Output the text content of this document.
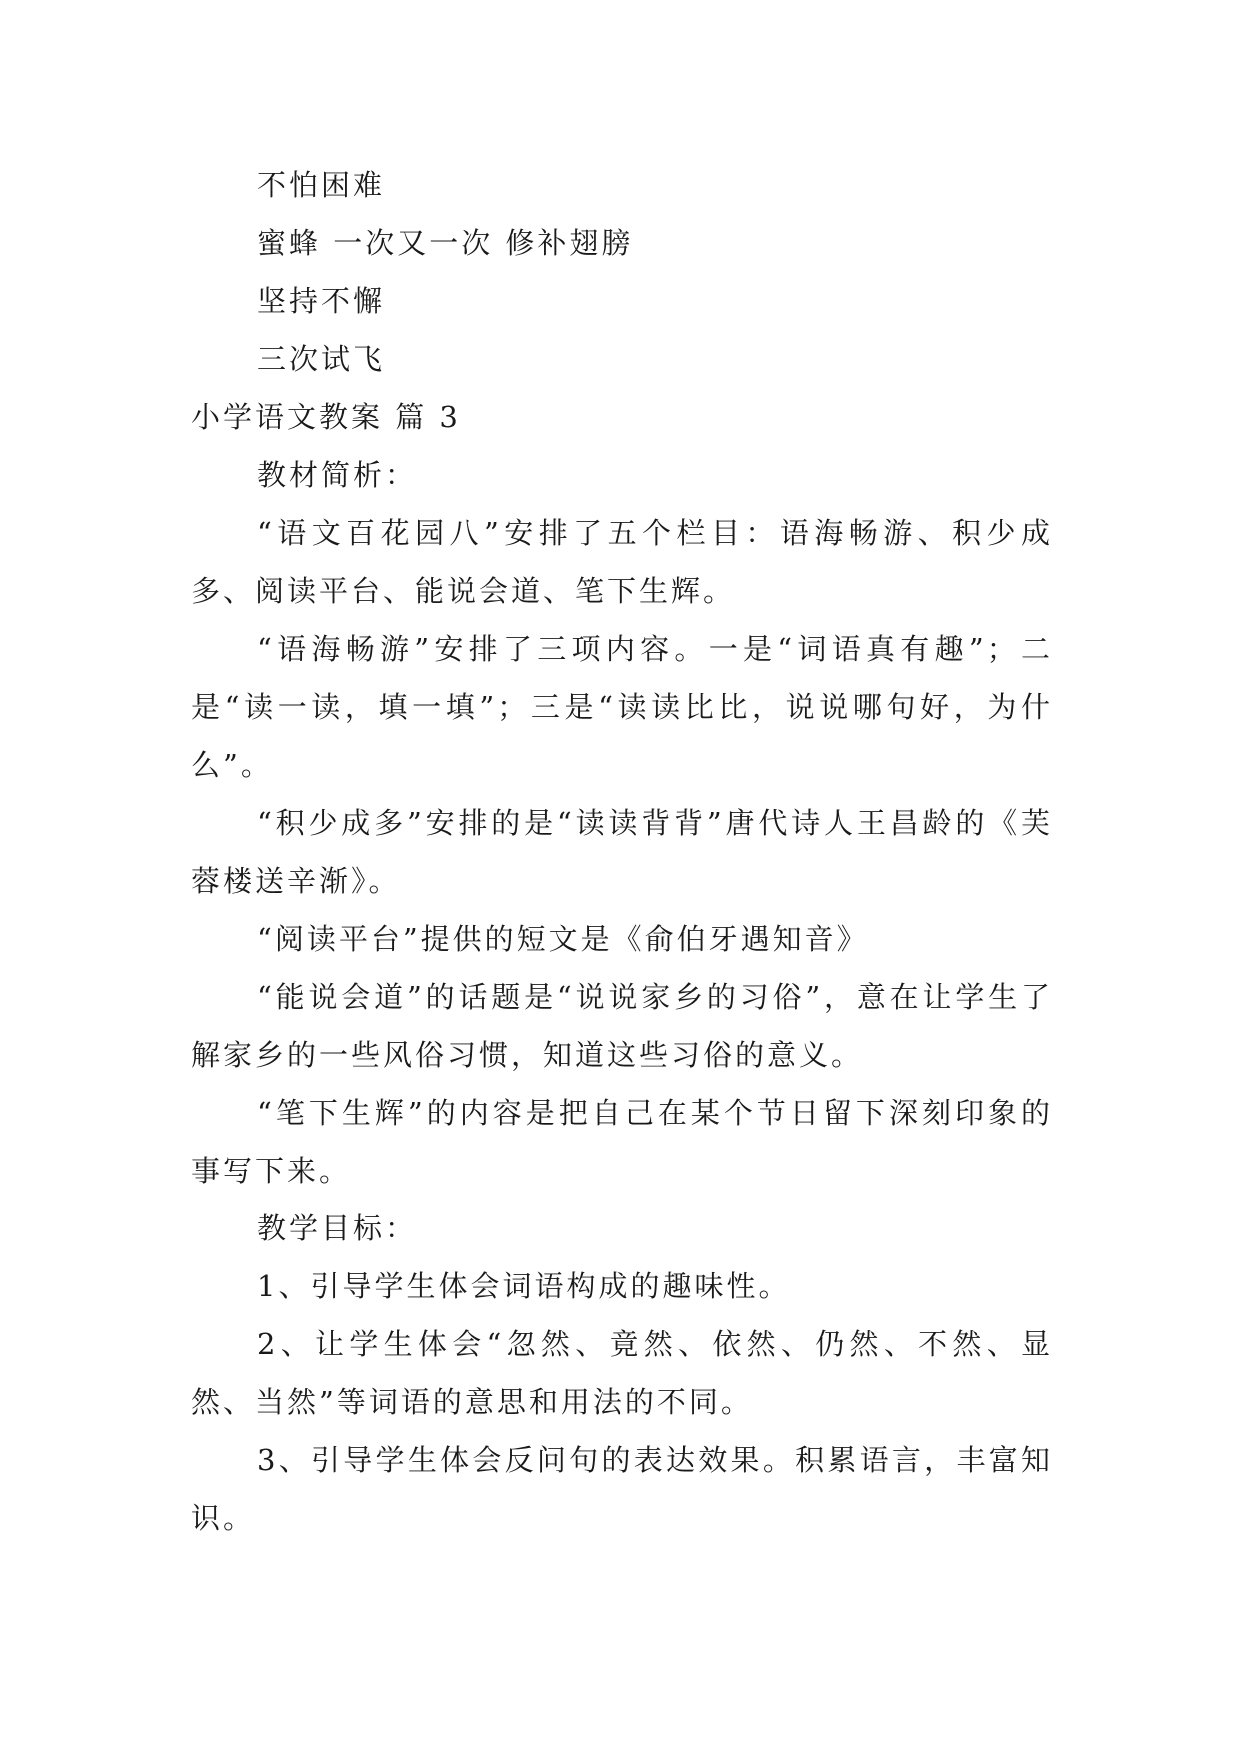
不怕困难
蜜蜂 一次又一次 修补翅膀
坚持不懈
三次试飞
小学语文教案 篇 3
教材简析：
“语文百花园八”安排了五个栏目：语海畅游、积少成多、阅读平台、能说会道、笔下生辉。
“语海畅游”安排了三项内容。一是“词语真有趣”；二是“读一读，填一填”；三是“读读比比，说说哪句好，为什么”。
“积少成多”安排的是“读读背背”唐代诗人王昌龄的《芙蓉楼送辛渐》。
“阅读平台”提供的短文是《俞伯牙遇知音》
“能说会道”的话题是“说说家乡的习俗”，意在让学生了解家乡的一些风俗习惯，知道这些习俗的意义。
“笔下生辉”的内容是把自己在某个节日留下深刻印象的事写下来。
教学目标：
1、引导学生体会词语构成的趣味性。
2、让学生体会“忽然、竟然、依然、仍然、不然、显然、当然”等词语的意思和用法的不同。
3、引导学生体会反问句的表达效果。积累语言，丰富知识。
